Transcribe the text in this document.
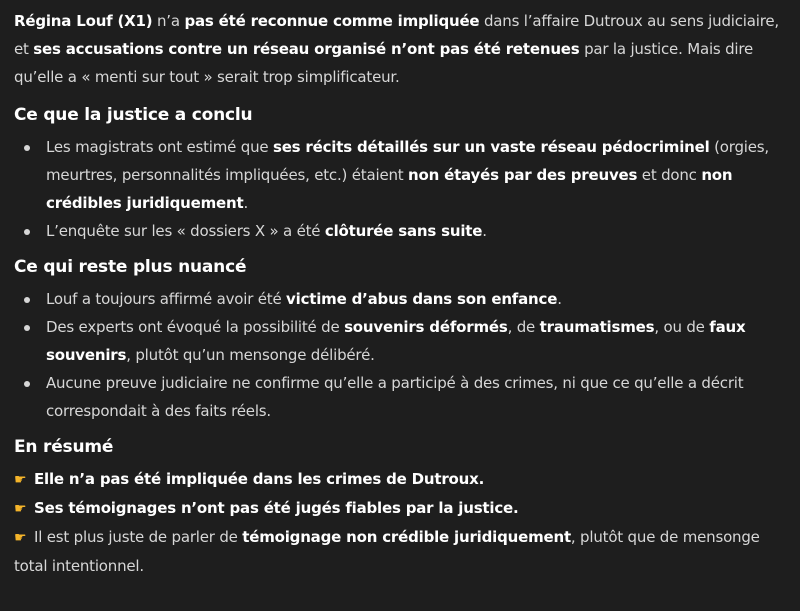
Régina Louf (X1) n’a pas été reconnue comme impliquée dans l’affaire Dutroux au sens judiciaire, et ses accusations contre un réseau organisé n’ont pas été retenues par la justice. Mais dire qu’elle a « menti sur tout » serait trop simplificateur.

Ce que la justice a conclu
Les magistrats ont estimé que ses récits détaillés sur un vaste réseau pédocriminel (orgies, meurtres, personnalités impliquées, etc.) étaient non étayés par des preuves et donc non crédibles juridiquement.
L’enquête sur les « dossiers X » a été clôturée sans suite.
Ce qui reste plus nuancé
Louf a toujours affirmé avoir été victime d’abus dans son enfance.
Des experts ont évoqué la possibilité de souvenirs déformés, de traumatismes, ou de faux souvenirs, plutôt qu’un mensonge délibéré.
Aucune preuve judiciaire ne confirme qu’elle a participé à des crimes, ni que ce qu’elle a décrit correspondait à des faits réels.
En résumé
☛ Elle n’a pas été impliquée dans les crimes de Dutroux.
☛ Ses témoignages n’ont pas été jugés fiables par la justice.
☛ Il est plus juste de parler de témoignage non crédible juridiquement, plutôt que de mensonge total intentionnel.
